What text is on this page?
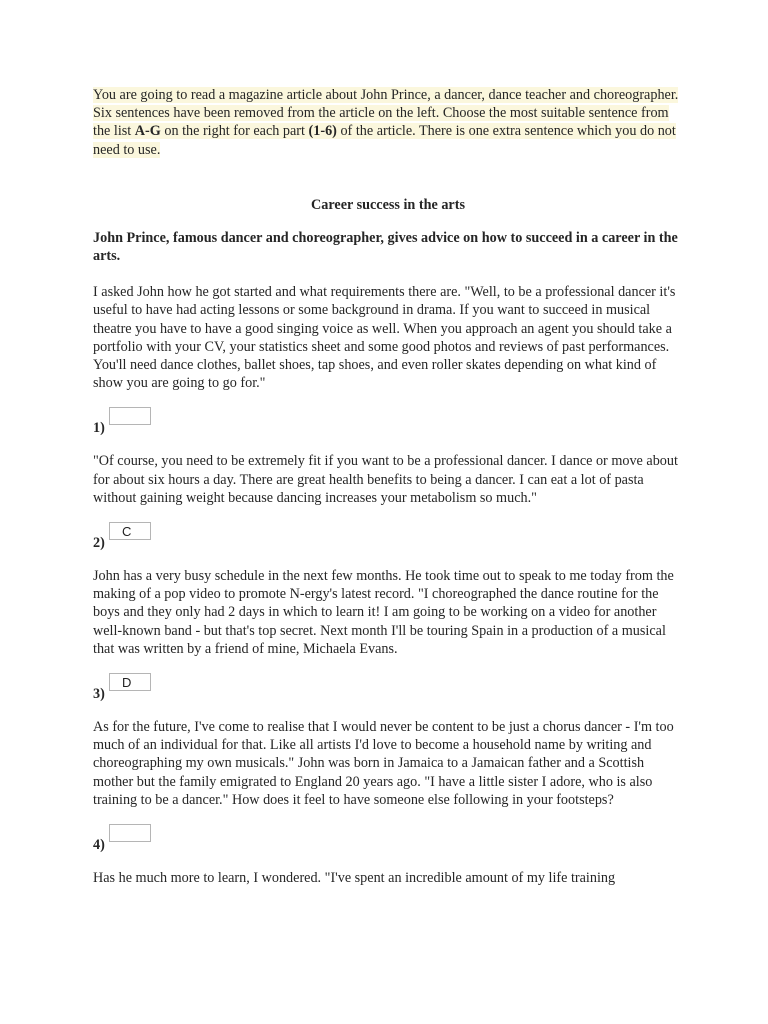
You are going to read a magazine article about John Prince, a dancer, dance teacher and choreographer. Six sentences have been removed from the article on the left. Choose the most suitable sentence from the list A-G on the right for each part (1-6) of the article. There is one extra sentence which you do not need to use.

Career success in the arts

John Prince, famous dancer and choreographer, gives advice on how to succeed in a career in the arts.

I asked John how he got started and what requirements there are. "Well, to be a professional dancer it's useful to have had acting lessons or some background in drama. If you want to succeed in musical theatre you have to have a good singing voice as well. When you approach an agent you should take a portfolio with your CV, your statistics sheet and some good photos and reviews of past performances. You'll need dance clothes, ballet shoes, tap shoes, and even roller skates depending on what kind of show you are going to go for."

1)

"Of course, you need to be extremely fit if you want to be a professional dancer. I dance or move about for about six hours a day. There are great health benefits to being a dancer. I can eat a lot of pasta without gaining weight because dancing increases your metabolism so much."

2)
C

John has a very busy schedule in the next few months. He took time out to speak to me today from the making of a pop video to promote N-ergy's latest record. "I choreographed the dance routine for the boys and they only had 2 days in which to learn it! I am going to be working on a video for another well-known band - but that's top secret. Next month I'll be touring Spain in a production of a musical that was written by a friend of mine, Michaela Evans.

3)
D

As for the future, I've come to realise that I would never be content to be just a chorus dancer - I'm too much of an individual for that. Like all artists I'd love to become a household name by writing and choreographing my own musicals." John was born in Jamaica to a Jamaican father and a Scottish mother but the family emigrated to England 20 years ago. "I have a little sister I adore, who is also training to be a dancer." How does it feel to have someone else following in your footsteps?

4)

Has he much more to learn, I wondered. "I've spent an incredible amount of my life training
